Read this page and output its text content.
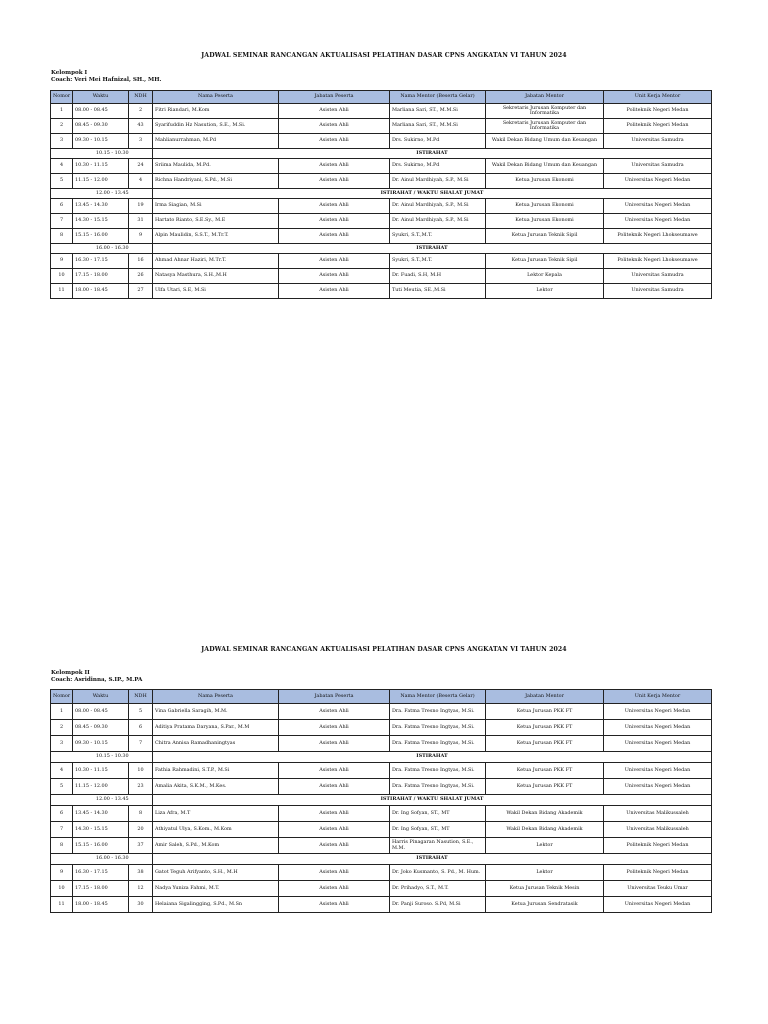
JADWAL SEMINAR RANCANGAN AKTUALISASI PELATIHAN DASAR CPNS ANGKATAN VI TAHUN 2024
Kelompok I
Coach: Veri Mei Hafnizal, SH., MH.
Nomor	Waktu	NDH	Nama Peserta	Jabatan Peserta	Nama Mentor (Beserta Gelar)	Jabatan Mentor	Unit Kerja Mentor
1	08.00 - 08.45	2	Fitri Riandari, M.Kom	Asisten Ahli	Marliana Sari, ST., M.M.Si	Sekretaris Jurusan Komputer dan Informatika	Politeknik Negeri Medan
2	08.45 - 09.30	43	Syarifuddin Hz Nasution, S.E., M.Si.	Asisten Ahli	Marliana Sari, ST., M.M.Si	Sekretaris Jurusan Komputer dan Informatika	Politeknik Negeri Medan
3	09.30 - 10.15	3	Mahlianurrahman, M.Pd	Asisten Ahli	Drs. Sukirno, M.Pd	Wakil Dekan Bidang Umum dan Keuangan	Universitas Samudra
	10.15 - 10.30		ISTIRAHAT				
4	10.30 - 11.15	24	Sriima Maulida, M.Pd.	Asisten Ahli	Drs. Sukirno, M.Pd	Wakil Dekan Bidang Umum dan Keuangan	Universitas Samudra
5	11.15 - 12.00	4	Richna Handriyani, S.Pd., M.Si	Asisten Ahli	Dr. Ainul Mardhiyah, S.P., M.Si	Ketua Jurusan Ekonomi	Universitas Negeri Medan
	12.00 - 13.45		ISTIRAHAT / WAKTU SHALAT JUMAT				
6	13.45 - 14.30	19	Irma Siagian, M.Si	Asisten Ahli	Dr. Ainul Mardhiyah, S.P., M.Si	Ketua Jurusan Ekonomi	Universitas Negeri Medan
7	14.30 - 15.15	31	Hartato Rianto, S.E.Sy., M.E	Asisten Ahli	Dr. Ainul Mardhiyah, S.P., M.Si	Ketua Jurusan Ekonomi	Universitas Negeri Medan
8	15.15 - 16.00	9	Alpin Maulidin, S.S.T., M.Tr.T.	Asisten Ahli	Syukri, S.T.,M.T.	Ketua Jurusan Teknik Sipil	Politeknik Negeri Lhokseumawe
	16.00 - 16.30		ISTIRAHAT				
9	16.30 - 17.15	16	Ahmad Ahnar Haziri, M.Tr.T.	Asisten Ahli	Syukri, S.T.,M.T.	Ketua Jurusan Teknik Sipil	Politeknik Negeri Lhokseumawe
10	17.15 - 18.00	26	Natasya Masthura, S.H.,M.H	Asisten Ahli	Dr. Fuadi, S.H, M.H	Lektor Kepala	Universitas Samudra
11	18.00 - 18.45	27	Ulfa Utari, S.E, M.Si	Asisten Ahli	Tuti Meutia, SE.,M.Si	Lektor	Universitas Samudra
JADWAL SEMINAR RANCANGAN AKTUALISASI PELATIHAN DASAR CPNS ANGKATAN VI TAHUN 2024
Kelompok II
Coach: Asridinna, S.IP., M.PA
Nomor	Waktu	NDH	Nama Peserta	Jabatan Peserta	Nama Mentor (Beserta Gelar)	Jabatan Mentor	Unit Kerja Mentor
1	08.00 - 08.45	5	Vina Gabriella Saragih, M.M.	Asisten Ahli	Dra. Fatma Tresno Ingtyas, M.Si.	Ketua Jurusan PKK FT	Universitas Negeri Medan
2	08.45 - 09.30	6	Aditiya Pratama Daryana, S.Par., M.M	Asisten Ahli	Dra. Fatma Tresno Ingtyas, M.Si.	Ketua Jurusan PKK FT	Universitas Negeri Medan
3	09.30 - 10.15	7	Chitra Annisa Ramadhaningtyas	Asisten Ahli	Dra. Fatma Tresno Ingtyas, M.Si.	Ketua Jurusan PKK FT	Universitas Negeri Medan
	10.15 - 10.30		ISTIRAHAT				
4	10.30 - 11.15	10	Fathia Rahmadini, S.T.P., M.Si	Asisten Ahli	Dra. Fatma Tresno Ingtyas, M.Si.	Ketua Jurusan PKK FT	Universitas Negeri Medan
5	11.15 - 12.00	23	Amalia Akita, S.K.M., M.Kes.	Asisten Ahli	Dra. Fatma Tresno Ingtyas, M.Si.	Ketua Jurusan PKK FT	Universitas Negeri Medan
	12.00 - 13.45		ISTIRAHAT / WAKTU SHALAT JUMAT				
6	13.45 - 14.30	8	Liza Afra, M.T	Asisten Ahli	Dr. Ing Sofyan, ST., MT	Wakil Dekan Bidang Akademik	Universitas Malikussaleh
7	14.30 - 15.15	20	Athiyatul Ulya, S.Kom., M.Kom	Asisten Ahli	Dr. Ing Sofyan, ST., MT	Wakil Dekan Bidang Akademik	Universitas Malikussaleh
8	15.15 - 16.00	37	Amir Saleh, S.Pd., M.Kom	Asisten Ahli	Harris Pinagaran Nasution, S.E., M.M.	Lektor	Politeknik Negeri Medan
	16.00 - 16.30		ISTIRAHAT				
9	16.30 - 17.15	38	Gatot Teguh Arifyanto, S.H., M.H	Asisten Ahli	Dr. Joko Kusmanto, S. Pd., M. Hum.	Lektor	Politeknik Negeri Medan
10	17.15 - 18.00	12	Nadya Yuniza Fahmi, M.T.	Asisten Ahli	Dr. Prihadyo, S.T., M.T.	Ketua Jurusan Teknik Mesin	Universitas Teuku Umar
11	18.00 - 18.45	30	Helaiana Sigalingging, S.Pd., M.Sn	Asisten Ahli	Dr. Panji Suroso. S.Pd, M.Si	Ketua Jurusan Sendratasik	Universitas Negeri Medan
